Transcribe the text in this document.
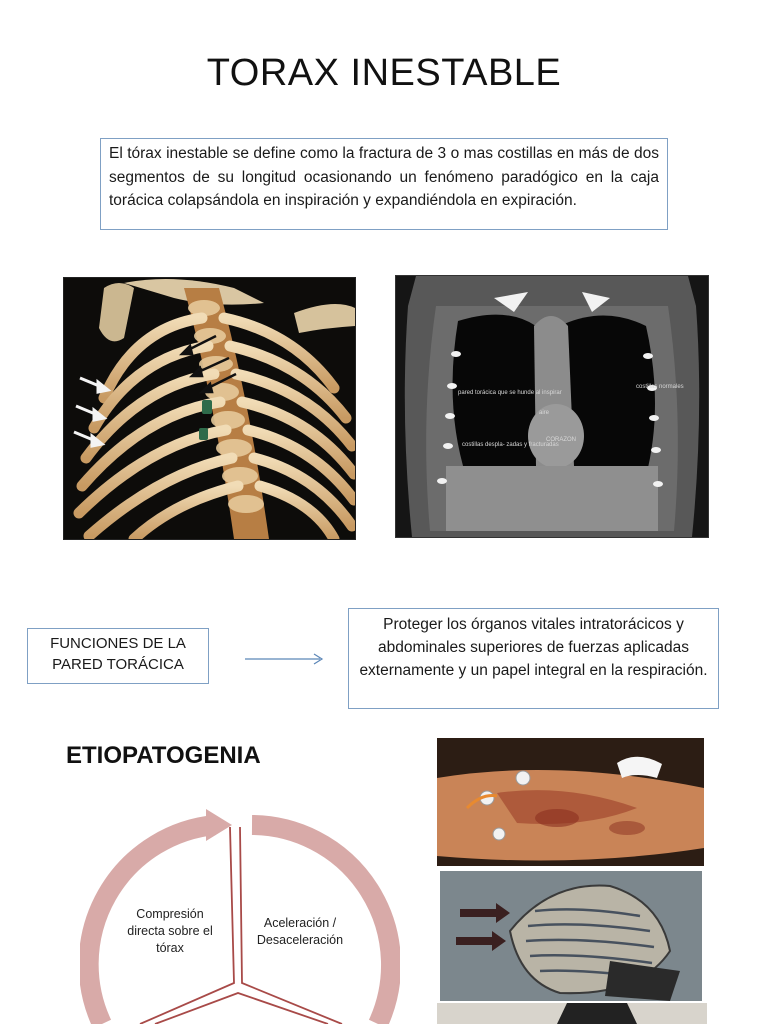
TORAX INESTABLE
El tórax inestable se define como la fractura de 3 o mas costillas en más de dos segmentos de su longitud ocasionando un fenómeno paradógico en la caja torácica colapsándola en inspiración y expandiéndola en expiración.
pared torácica que se hunde al inspirar
costillas normales
aire
CORAZON
costillas despla- zadas y fracturadas
FUNCIONES DE LA PARED TORÁCICA
Proteger los órganos vitales intratorácicos y abdominales superiores de fuerzas aplicadas externamente y un papel integral en la respiración.
ETIOPATOGENIA
Compresión directa sobre el tórax
Aceleración / Desaceleración
